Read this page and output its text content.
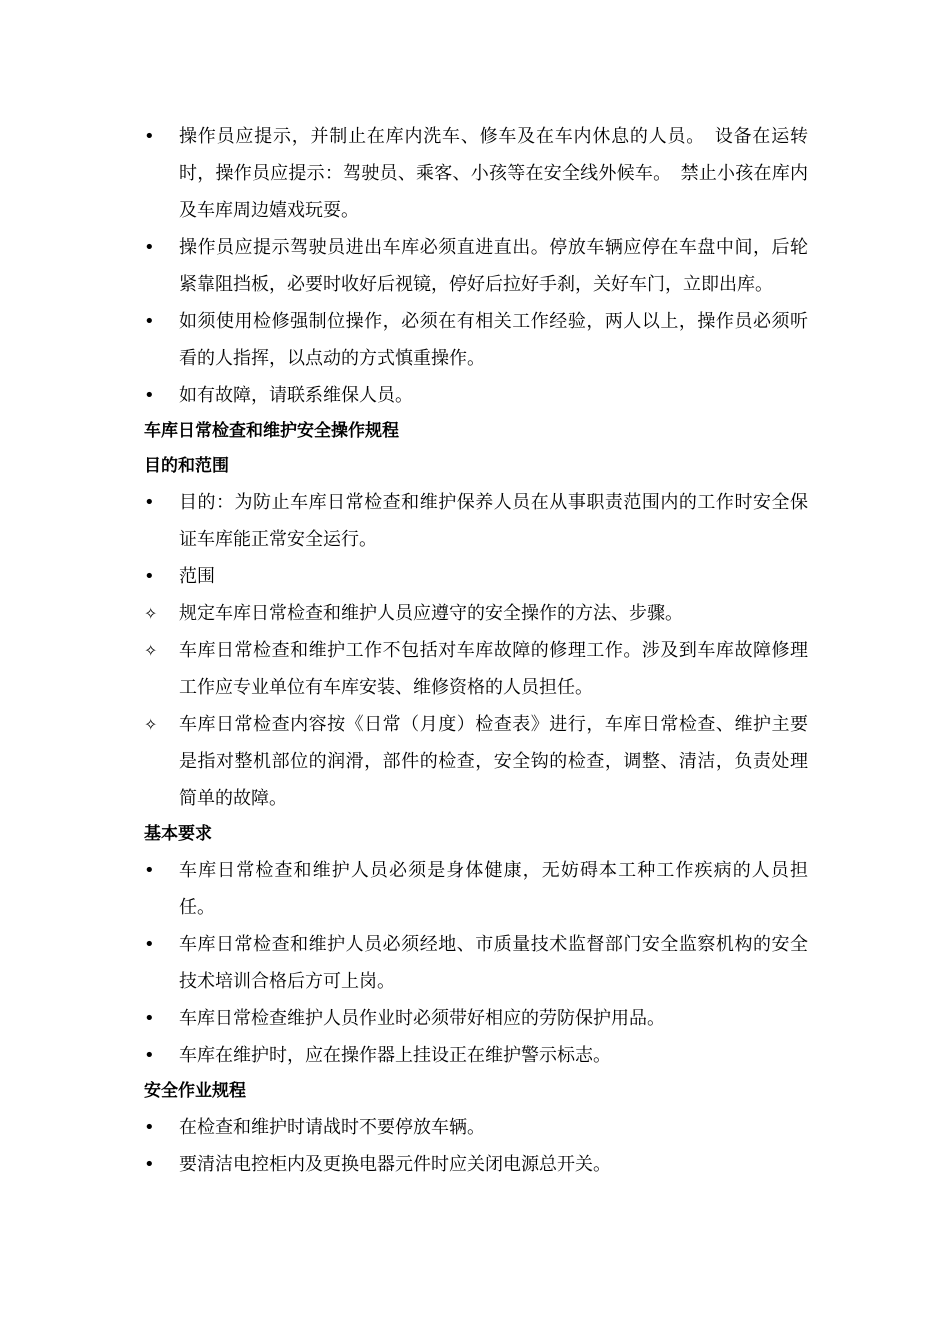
•	操作员应提示，并制止在库内洗车、修车及在车内休息的人员。　设备在运转时，操作员应提示：驾驶员、乘客、小孩等在安全线外候车。　禁止小孩在库内及车库周边嬉戏玩耍。
•	操作员应提示驾驶员进出车库必须直进直出。停放车辆应停在车盘中间，后轮紧靠阻挡板，必要时收好后视镜，停好后拉好手刹，关好车门，立即出库。
•	如须使用检修强制位操作，必须在有相关工作经验，两人以上，操作员必须听看的人指挥，以点动的方式慎重操作。
•	如有故障，请联系维保人员。
车库日常检查和维护安全操作规程
目的和范围
•	目的：为防止车库日常检查和维护保养人员在从事职责范围内的工作时安全保证车库能正常安全运行。
•	范围
✧	规定车库日常检查和维护人员应遵守的安全操作的方法、步骤。
✧	车库日常检查和维护工作不包括对车库故障的修理工作。涉及到车库故障修理工作应专业单位有车库安装、维修资格的人员担任。
✧	车库日常检查内容按《日常（月度）检查表》进行，车库日常检查、维护主要是指对整机部位的润滑，部件的检查，安全钩的检查，调整、清洁，负责处理简单的故障。
基本要求
•	车库日常检查和维护人员必须是身体健康，无妨碍本工种工作疾病的人员担任。
•	车库日常检查和维护人员必须经地、市质量技术监督部门安全监察机构的安全技术培训合格后方可上岗。
•	车库日常检查维护人员作业时必须带好相应的劳防保护用品。
•	车库在维护时，应在操作器上挂设正在维护警示标志。
安全作业规程
•	在检查和维护时请战时不要停放车辆。
•	要清洁电控柜内及更换电器元件时应关闭电源总开关。
